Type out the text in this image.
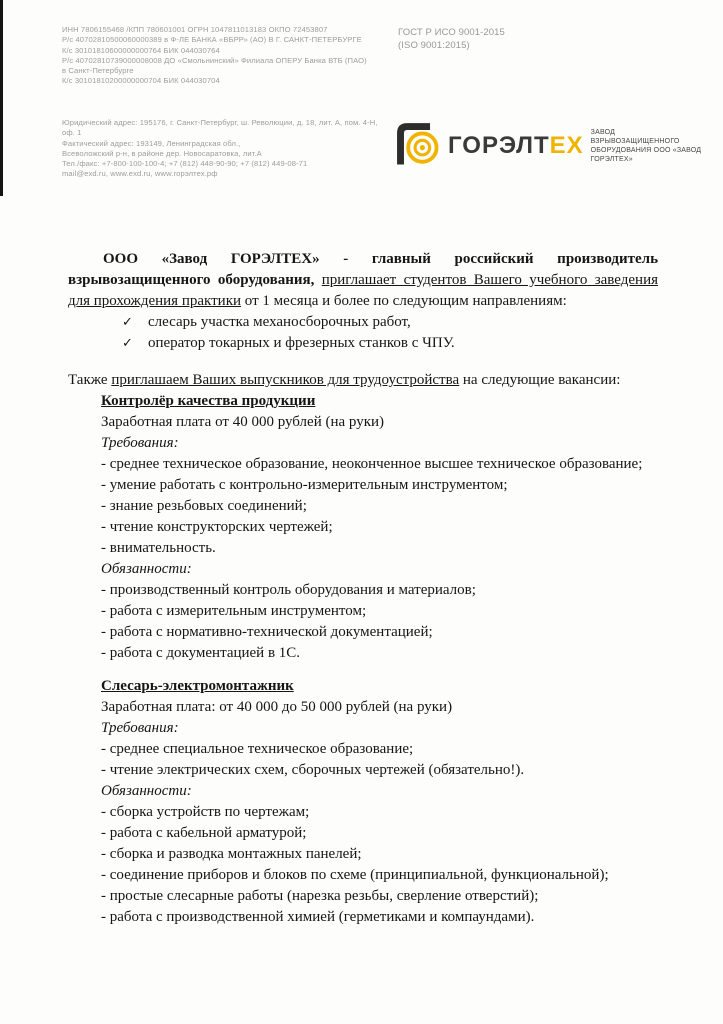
ИНН 7806155468 /КПП 780601001 ОГРН 1047811013183 ОКПО 72453807
Р/с 40702810500060000389 в Ф-ЛЕ БАНКА «ВБРР» (АО) В Г. САНКТ-ПЕТЕРБУРГЕ
К/с 30101810600000000764 БИК 044030764
Р/с 40702810739000008008 ДО «Смольнинский» Филиала ОПЕРУ Банка ВТБ (ПАО)
в Санкт-Петербурге
К/с 30101810200000000704 БИК 044030704
ГОСТ Р ИСО 9001-2015
(ISO 9001:2015)
Юридический адрес: 195176, г. Санкт-Петербург, ш. Революции, д. 18, лит. А, пом. 4-Н, оф. 1
Фактический адрес: 193149, Ленинградская обл.,
Всеволожский р-н, в районе дер. Новосаратовка, лит.А
Тел./факс: +7-800-100-100-4; +7 (812) 448-90-90; +7 (812) 449-08-71
mail@exd.ru, www.exd.ru, www.горэлтех.рф
ГОРЭЛТЕХ ЗАВОД ВЗРЫВОЗАЩИЩЕННОГО
ОБОРУДОВАНИЯ ООО «ЗАВОД ГОРЭЛТЕХ»

ООО «Завод ГОРЭЛТЕХ» - главный российский производитель взрывозащищенного оборудования, приглашает студентов Вашего учебного заведения для прохождения практики от 1 месяца и более по следующим направлениям:

✓	слесарь участка механосборочных работ,
✓	оператор токарных и фрезерных станков с ЧПУ.

Также приглашаем Ваших выпускников для трудоустройства на следующие вакансии:

Контролёр качества продукции
Заработная плата от 40 000 рублей (на руки)
Требования:
- среднее техническое образование, неоконченное высшее техническое образование;
- умение работать с контрольно-измерительным инструментом;
- знание резьбовых соединений;
- чтение конструкторских чертежей;
- внимательность.
Обязанности:
- производственный контроль оборудования и материалов;
- работа с измерительным инструментом;
- работа с нормативно-технической документацией;
- работа с документацией в 1С.
Слесарь-электромонтажник
Заработная плата: от 40 000 до 50 000 рублей (на руки)
Требования:
- среднее специальное техническое образование;
- чтение электрических схем, сборочных чертежей (обязательно!).
Обязанности:
- сборка устройств по чертежам;
- работа с кабельной арматурой;
- сборка и разводка монтажных панелей;
- соединение приборов и блоков по схеме (принципиальной, функциональной);
- простые слесарные работы (нарезка резьбы, сверление отверстий);
- работа с производственной химией (герметиками и компаундами).
